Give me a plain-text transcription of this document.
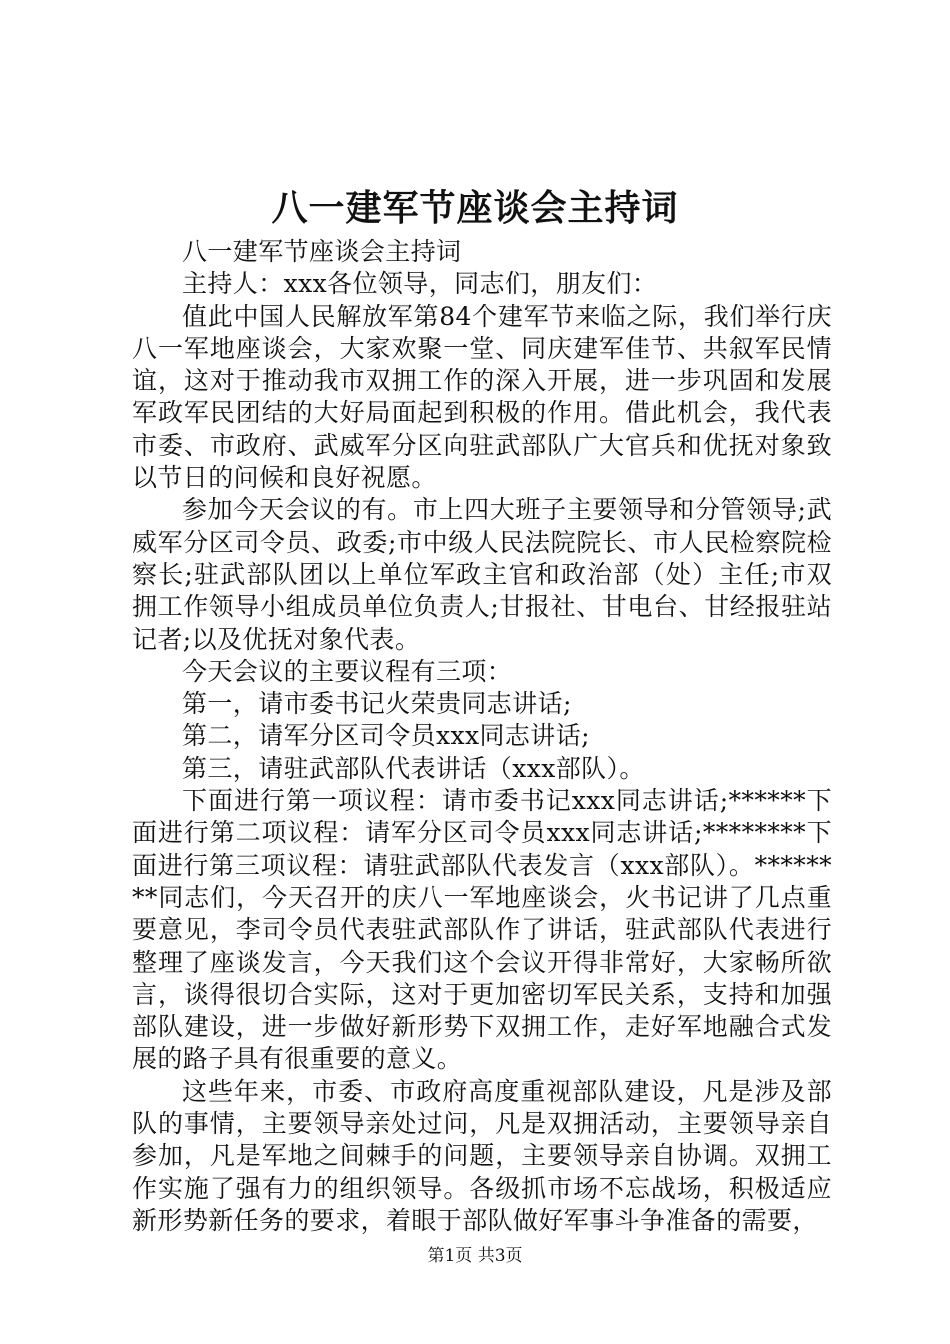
八一建军节座谈会主持词

八一建军节座谈会主持词

主持人：xxx各位领导，同志们，朋友们：

值此中国人民解放军第84个建军节来临之际，我们举行庆八一军地座谈会，大家欢聚一堂、同庆建军佳节、共叙军民情谊，这对于推动我市双拥工作的深入开展，进一步巩固和发展军政军民团结的大好局面起到积极的作用。借此机会，我代表市委、市政府、武威军分区向驻武部队广大官兵和优抚对象致以节日的问候和良好祝愿。

参加今天会议的有。市上四大班子主要领导和分管领导;武威军分区司令员、政委;市中级人民法院院长、市人民检察院检察长;驻武部队团以上单位军政主官和政治部（处）主任;市双拥工作领导小组成员单位负责人;甘报社、甘电台、甘经报驻站记者;以及优抚对象代表。

今天会议的主要议程有三项：

第一，请市委书记火荣贵同志讲话;

第二，请军分区司令员xxx同志讲话;

第三，请驻武部队代表讲话（xxx部队）。

下面进行第一项议程：请市委书记xxx同志讲话;******下面进行第二项议程：请军分区司令员xxx同志讲话;********下面进行第三项议程：请驻武部队代表发言（xxx部队）。********同志们，今天召开的庆八一军地座谈会，火书记讲了几点重要意见，李司令员代表驻武部队作了讲话，驻武部队代表进行整理了座谈发言，今天我们这个会议开得非常好，大家畅所欲言，谈得很切合实际，这对于更加密切军民关系，支持和加强部队建设，进一步做好新形势下双拥工作，走好军地融合式发展的路子具有很重要的意义。

这些年来，市委、市政府高度重视部队建设，凡是涉及部队的事情，主要领导亲处过问，凡是双拥活动，主要领导亲自参加，凡是军地之间棘手的问题，主要领导亲自协调。双拥工作实施了强有力的组织领导。各级抓市场不忘战场，积极适应新形势新任务的要求，着眼于部队做好军事斗争准备的需要，

第1页 共3页
